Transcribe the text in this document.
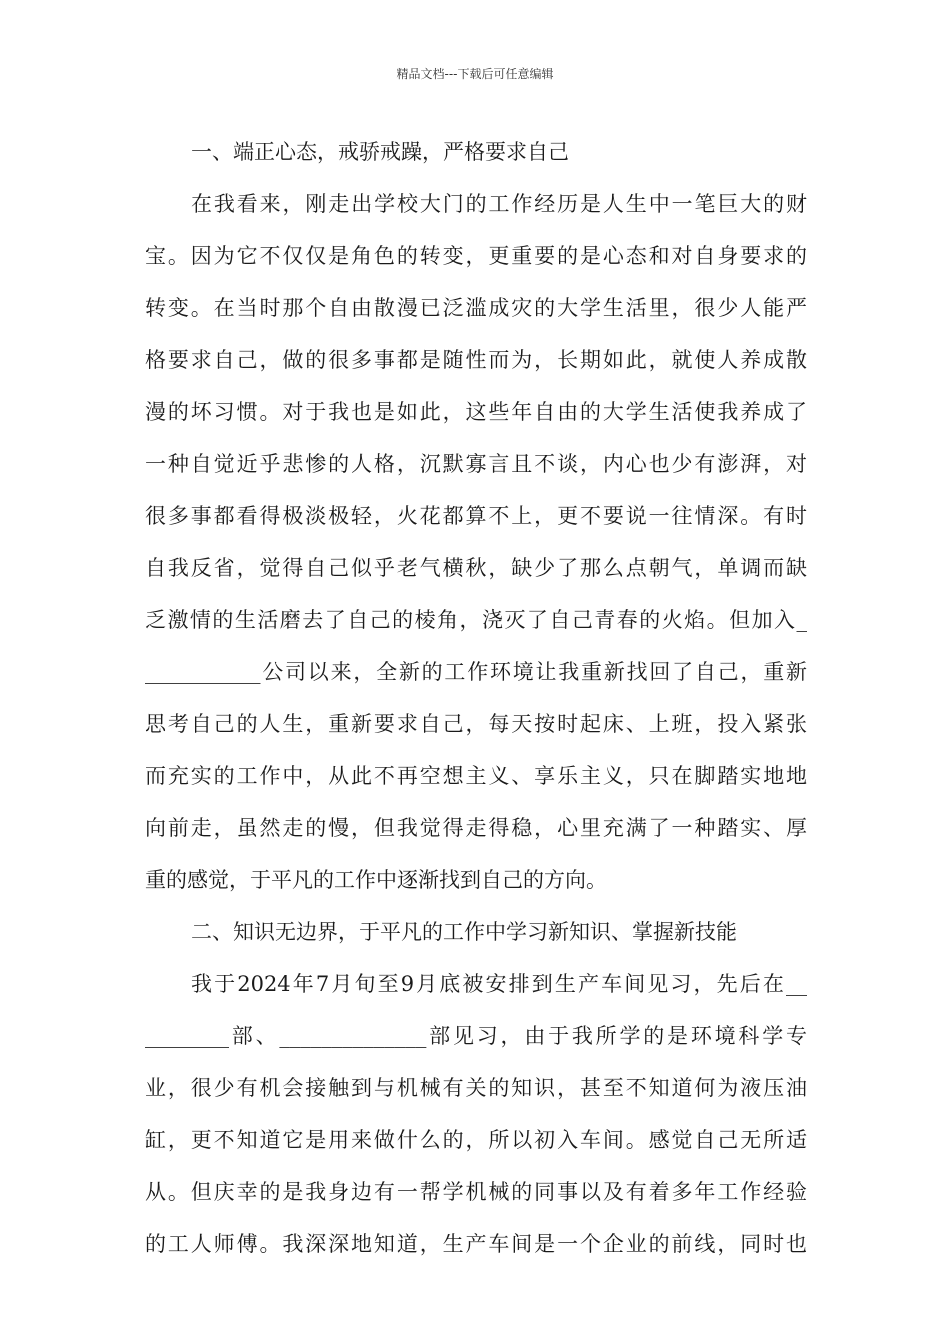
精品文档---下载后可任意编辑
一、端正心态，戒骄戒躁，严格要求自己
在我看来，刚走出学校大门的工作经历是人生中一笔巨大的财
宝。因为它不仅仅是角色的转变，更重要的是心态和对自身要求的
转变。在当时那个自由散漫已泛滥成灾的大学生活里，很少人能严
格要求自己，做的很多事都是随性而为，长期如此，就使人养成散
漫的坏习惯。对于我也是如此，这些年自由的大学生活使我养成了
一种自觉近乎悲惨的人格，沉默寡言且不谈，内心也少有澎湃，对
很多事都看得极淡极轻，火花都算不上，更不要说一往情深。有时
自我反省，觉得自己似乎老气横秋，缺少了那么点朝气，单调而缺
乏激情的生活磨去了自己的棱角，浇灭了自己青春的火焰。但加入_
___________公司以来，全新的工作环境让我重新找回了自己，重新
思考自己的人生，重新要求自己，每天按时起床、上班，投入紧张
而充实的工作中，从此不再空想主义、享乐主义，只在脚踏实地地
向前走，虽然走的慢，但我觉得走得稳，心里充满了一种踏实、厚
重的感觉，于平凡的工作中逐渐找到自己的方向。
二、知识无边界，于平凡的工作中学习新知识、掌握新技能
我于2024年7月旬至9月底被安排到生产车间见习，先后在__
________部、______________部见习，由于我所学的是环境科学专
业，很少有机会接触到与机械有关的知识，甚至不知道何为液压油
缸，更不知道它是用来做什么的，所以初入车间。感觉自己无所适
从。但庆幸的是我身边有一帮学机械的同事以及有着多年工作经验
的工人师傅。我深深地知道，生产车间是一个企业的前线，同时也
